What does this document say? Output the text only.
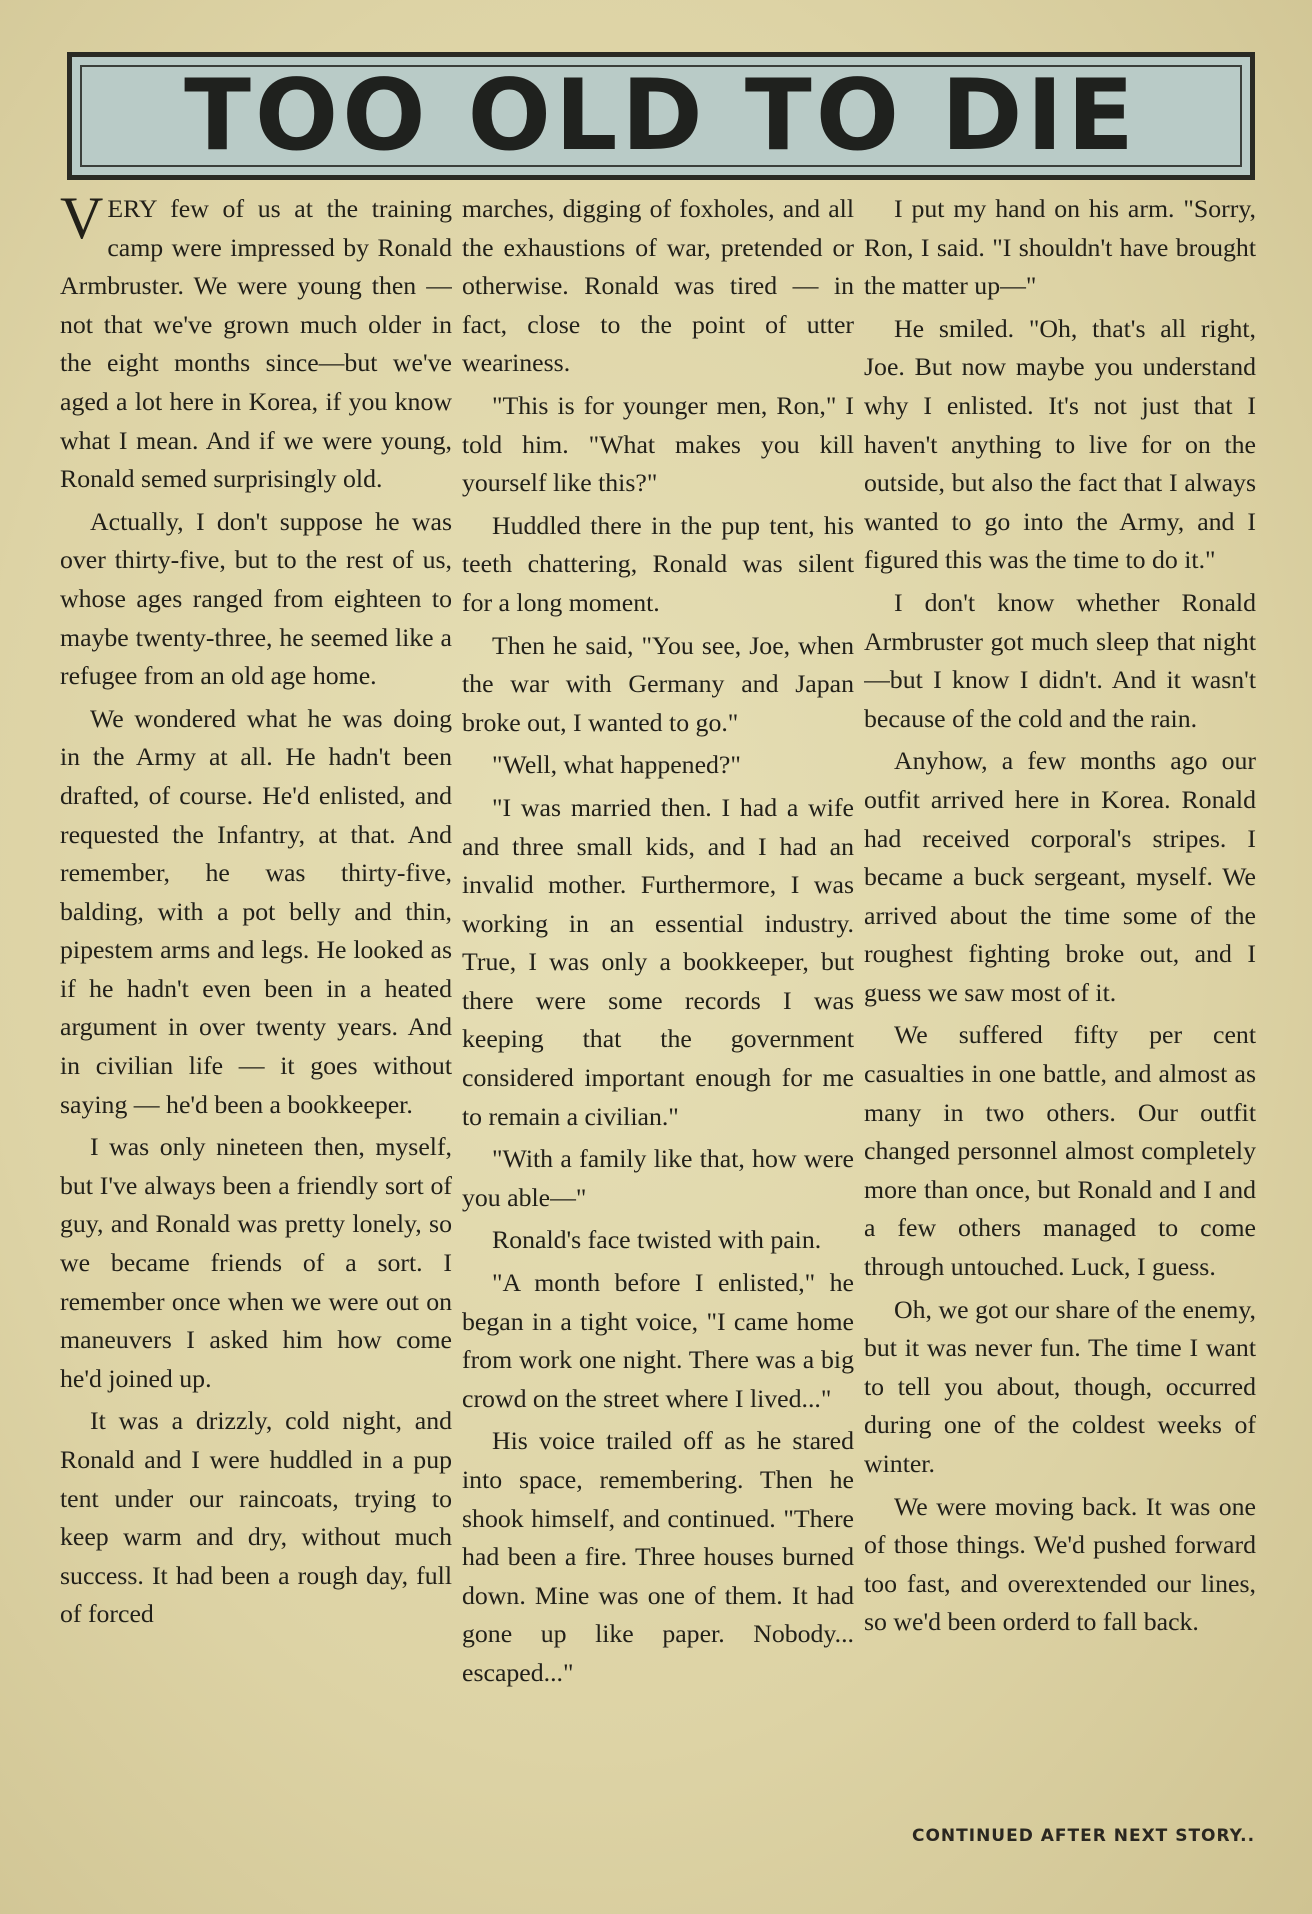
TOO OLD TO DIE

VERY few of us at the training camp were impressed by Ronald Armbruster. We were young then — not that we've grown much older in the eight months since—but we've aged a lot here in Korea, if you know what I mean. And if we were young, Ronald semed surprisingly old.

Actually, I don't suppose he was over thirty-five, but to the rest of us, whose ages ranged from eighteen to maybe twenty-three, he seemed like a refugee from an old age home.

We wondered what he was doing in the Army at all. He hadn't been drafted, of course. He'd enlisted, and requested the Infantry, at that. And remember, he was thirty-five, balding, with a pot belly and thin, pipestem arms and legs. He looked as if he hadn't even been in a heated argument in over twenty years. And in civilian life — it goes without saying — he'd been a bookkeeper.

I was only nineteen then, myself, but I've always been a friendly sort of guy, and Ronald was pretty lonely, so we became friends of a sort. I remember once when we were out on maneuvers I asked him how come he'd joined up.

It was a drizzly, cold night, and Ronald and I were huddled in a pup tent under our raincoats, trying to keep warm and dry, without much success. It had been a rough day, full of forced

marches, digging of foxholes, and all the exhaustions of war, pretended or otherwise. Ronald was tired — in fact, close to the point of utter weariness.

"This is for younger men, Ron," I told him. "What makes you kill yourself like this?"

Huddled there in the pup tent, his teeth chattering, Ronald was silent for a long moment.

Then he said, "You see, Joe, when the war with Germany and Japan broke out, I wanted to go."

"Well, what happened?"

"I was married then. I had a wife and three small kids, and I had an invalid mother. Furthermore, I was working in an essential industry. True, I was only a bookkeeper, but there were some records I was keeping that the government considered important enough for me to remain a civilian."

"With a family like that, how were you able—"

Ronald's face twisted with pain.

"A month before I enlisted," he began in a tight voice, "I came home from work one night. There was a big crowd on the street where I lived..."

His voice trailed off as he stared into space, remembering. Then he shook himself, and continued. "There had been a fire. Three houses burned down. Mine was one of them. It had gone up like paper. Nobody... escaped..."

I put my hand on his arm. "Sorry, Ron, I said. "I shouldn't have brought the matter up—"

He smiled. "Oh, that's all right, Joe. But now maybe you understand why I enlisted. It's not just that I haven't anything to live for on the outside, but also the fact that I always wanted to go into the Army, and I figured this was the time to do it."

I don't know whether Ronald Armbruster got much sleep that night—but I know I didn't. And it wasn't because of the cold and the rain.

Anyhow, a few months ago our outfit arrived here in Korea. Ronald had received corporal's stripes. I became a buck sergeant, myself. We arrived about the time some of the roughest fighting broke out, and I guess we saw most of it.

We suffered fifty per cent casualties in one battle, and almost as many in two others. Our outfit changed personnel almost completely more than once, but Ronald and I and a few others managed to come through untouched. Luck, I guess.

Oh, we got our share of the enemy, but it was never fun. The time I want to tell you about, though, occurred during one of the coldest weeks of winter.

We were moving back. It was one of those things. We'd pushed forward too fast, and overextended our lines, so we'd been orderd to fall back.

CONTINUED AFTER NEXT STORY..
